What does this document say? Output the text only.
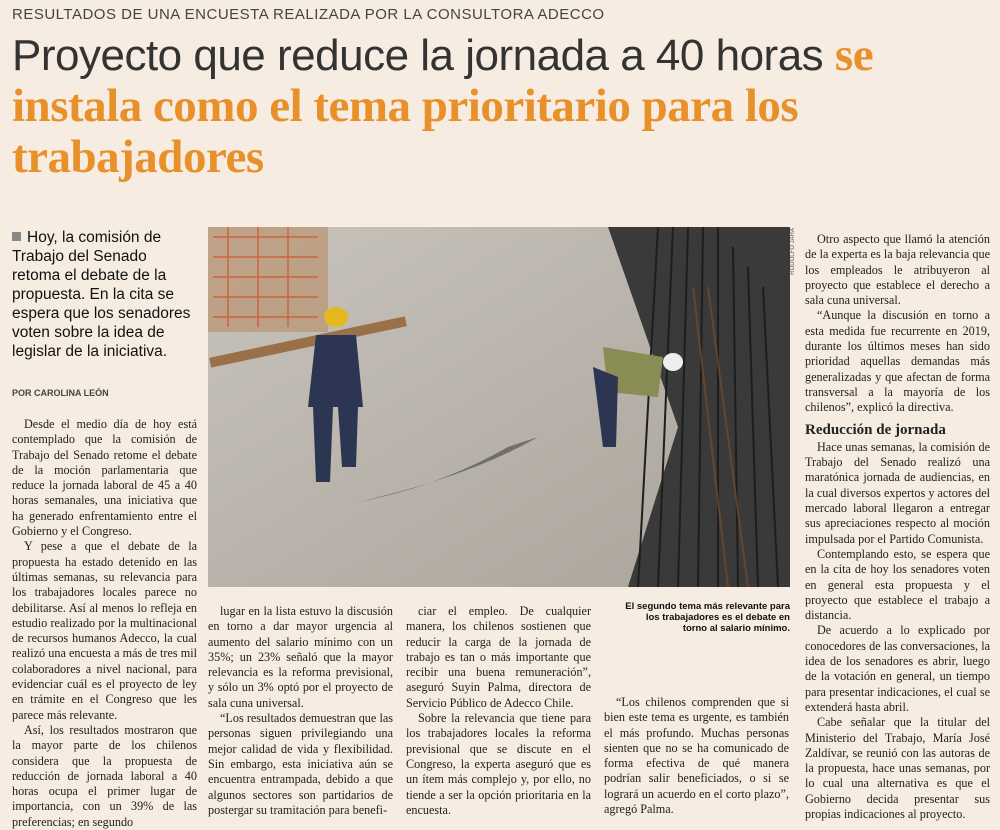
RESULTADOS DE UNA ENCUESTA REALIZADA POR LA CONSULTORA ADECCO
Proyecto que reduce la jornada a 40 horas se instala como el tema prioritario para los trabajadores
Hoy, la comisión de Trabajo del Senado retoma el debate de la propuesta. En la cita se espera que los senadores voten sobre la idea de legislar de la iniciativa.
POR CAROLINA LEÓN

Desde el medio día de hoy está contemplado que la comisión de Trabajo del Senado retome el debate de la moción parlamentaria que reduce la jornada laboral de 45 a 40 horas semanales, una iniciativa que ha generado enfrentamiento entre el Gobierno y el Congreso.

Y pese a que el debate de la propuesta ha estado detenido en las últimas semanas, su relevancia para los trabajadores locales parece no debilitarse. Así al menos lo refleja en estudio realizado por la multinacional de recursos humanos Adecco, la cual realizó una encuesta a más de tres mil colaboradores a nivel nacional, para evidenciar cuál es el proyecto de ley en trámite en el Congreso que les parece más relevante.

Así, los resultados mostraron que la mayor parte de los chilenos considera que la propuesta de reducción de jornada laboral a 40 horas ocupa el primer lugar de importancia, con un 39% de las preferencias; en segundo

RODOLFO JARA
El segundo tema más relevante para los trabajadores es el debate en torno al salario mínimo.

lugar en la lista estuvo la discusión en torno a dar mayor urgencia al aumento del salario mínimo con un 35%; un 23% señaló que la mayor relevancia es la reforma previsional, y sólo un 3% optó por el proyecto de sala cuna universal.

“Los resultados demuestran que las personas siguen privilegiando una mejor calidad de vida y flexibilidad. Sin embargo, esta iniciativa aún se encuentra entrampada, debido a que algunos sectores son partidarios de postergar su tramitación para benefi-

ciar el empleo. De cualquier manera, los chilenos sostienen que reducir la carga de la jornada de trabajo es tan o más importante que recibir una buena remuneración”, aseguró Suyin Palma, directora de Servicio Público de Adecco Chile.

Sobre la relevancia que tiene para los trabajadores locales la reforma previsional que se discute en el Congreso, la experta aseguró que es un ítem más complejo y, por ello, no tiende a ser la opción prioritaria en la encuesta.

“Los chilenos comprenden que si bien este tema es urgente, es también el más profundo. Muchas personas sienten que no se ha comunicado de forma efectiva de qué manera podrían salir beneficiados, o si se logrará un acuerdo en el corto plazo”, agregó Palma.

Otro aspecto que llamó la atención de la experta es la baja relevancia que los empleados le atribuyeron al proyecto que establece el derecho a sala cuna universal.

“Aunque la discusión en torno a esta medida fue recurrente en 2019, durante los últimos meses han sido prioridad aquellas demandas más generalizadas y que afectan de forma transversal a la mayoría de los chilenos”, explicó la directiva.

Reducción de jornada

Hace unas semanas, la comisión de Trabajo del Senado realizó una maratónica jornada de audiencias, en la cual diversos expertos y actores del mercado laboral llegaron a entregar sus apreciaciones respecto al moción impulsada por el Partido Comunista.

Contemplando esto, se espera que en la cita de hoy los senadores voten en general esta propuesta y el proyecto que establece el trabajo a distancia.

De acuerdo a lo explicado por conocedores de las conversaciones, la idea de los senadores es abrir, luego de la votación en general, un tiempo para presentar indicaciones, el cual se extenderá hasta abril.

Cabe señalar que la titular del Ministerio del Trabajo, María José Zaldívar, se reunió con las autoras de la propuesta, hace unas semanas, por lo cual una alternativa es que el Gobierno decida presentar sus propias indicaciones al proyecto.
